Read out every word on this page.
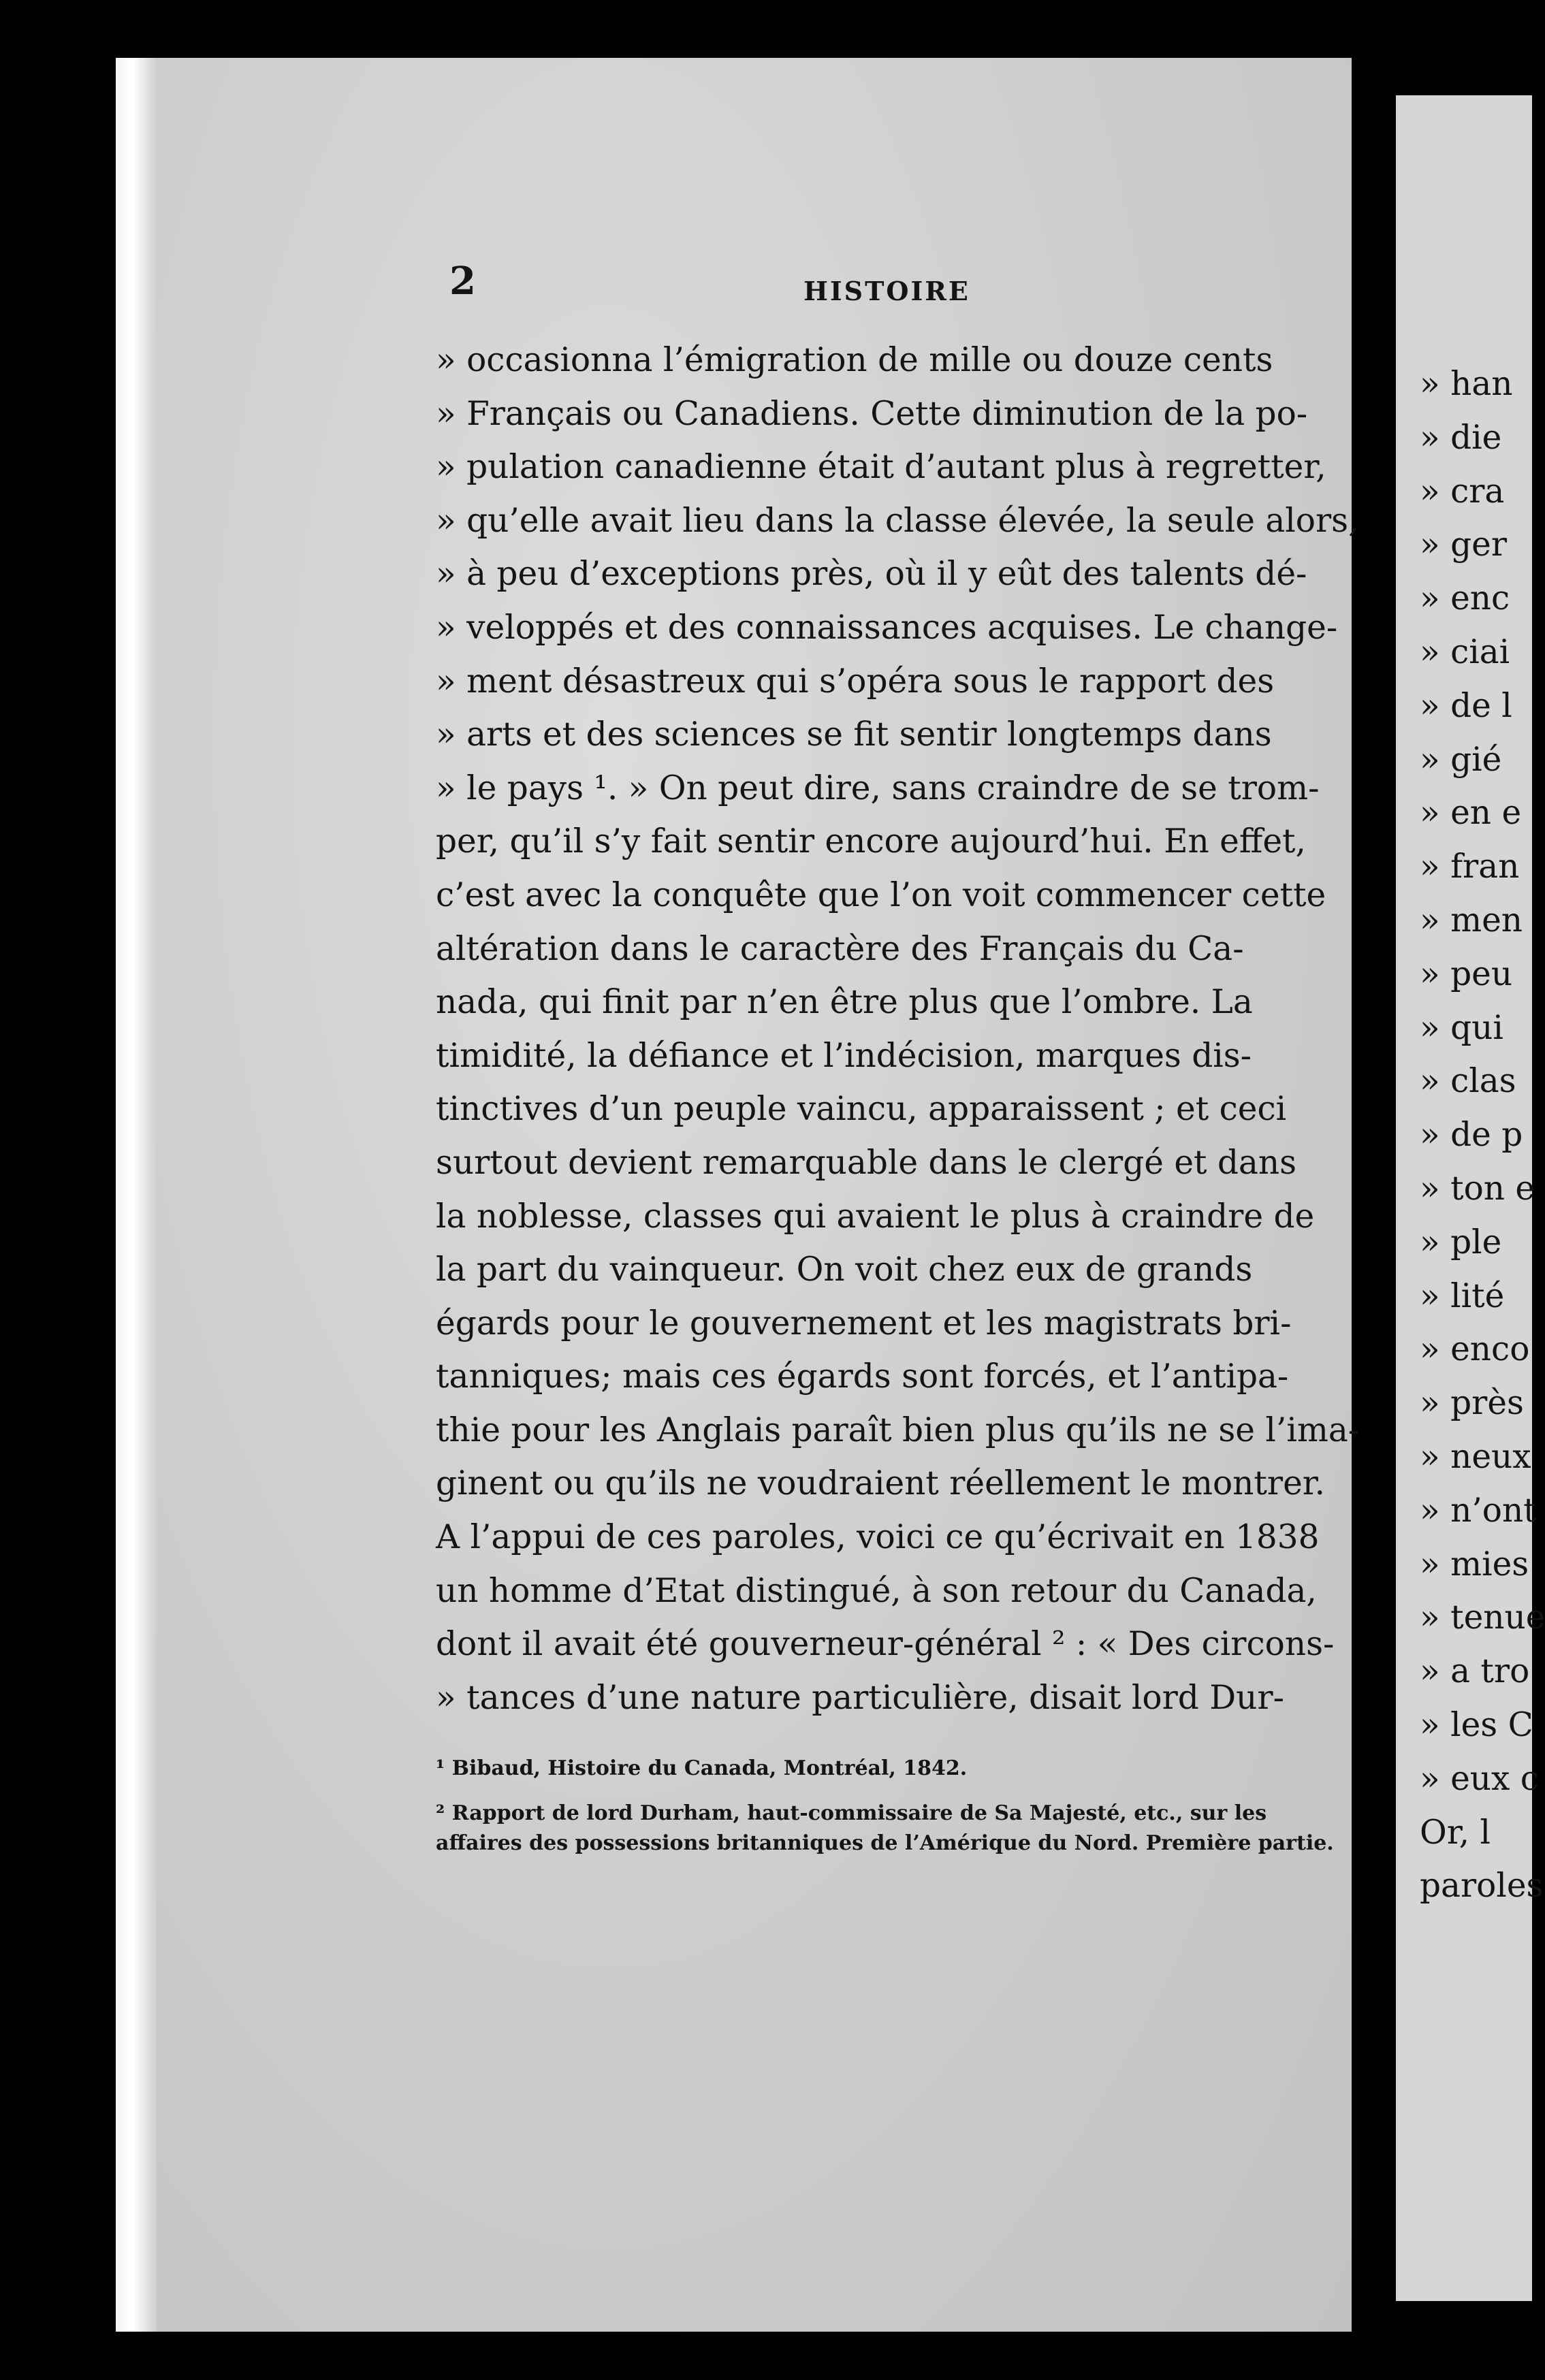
2	HISTOIRE
» occasionna l’émigration de mille ou douze cents
» Français ou Canadiens. Cette diminution de la po-
» pulation canadienne était d’autant plus à regretter,
» qu’elle avait lieu dans la classe élevée, la seule alors,
» à peu d’exceptions près, où il y eût des talents dé-
» veloppés et des connaissances acquises. Le change-
» ment désastreux qui s’opéra sous le rapport des
» arts et des sciences se fit sentir longtemps dans
» le pays ¹. » On peut dire, sans craindre de se trom-
per, qu’il s’y fait sentir encore aujourd’hui. En effet,
c’est avec la conquête que l’on voit commencer cette
altération dans le caractère des Français du Ca-
nada, qui finit par n’en être plus que l’ombre. La
timidité, la défiance et l’indécision, marques dis-
tinctives d’un peuple vaincu, apparaissent ; et ceci
surtout devient remarquable dans le clergé et dans
la noblesse, classes qui avaient le plus à craindre de
la part du vainqueur. On voit chez eux de grands
égards pour le gouvernement et les magistrats bri-
tanniques; mais ces égards sont forcés, et l’antipa-
thie pour les Anglais paraît bien plus qu’ils ne se l’ima-
ginent ou qu’ils ne voudraient réellement le montrer.
A l’appui de ces paroles, voici ce qu’écrivait en 1838
un homme d’Etat distingué, à son retour du Canada,
dont il avait été gouverneur-général ² : « Des circons-
» tances d’une nature particulière, disait lord Dur-
¹ Bibaud, Histoire du Canada, Montréal, 1842.
² Rapport de lord Durham, haut-commissaire de Sa Majesté, etc., sur les
affaires des possessions britanniques de l’Amérique du Nord. Première partie.
» han
» die
» cra
» ger
» enc
» ciai
» de l
» gié
» en e
» fran
» men
» peu
» qui
» clas
» de p
» ton e
» ple
» lité
» enco
» près
» neux
» n’ont
» mies
» tenue
» a tro
» les C
» eux c
Or, l
paroles
